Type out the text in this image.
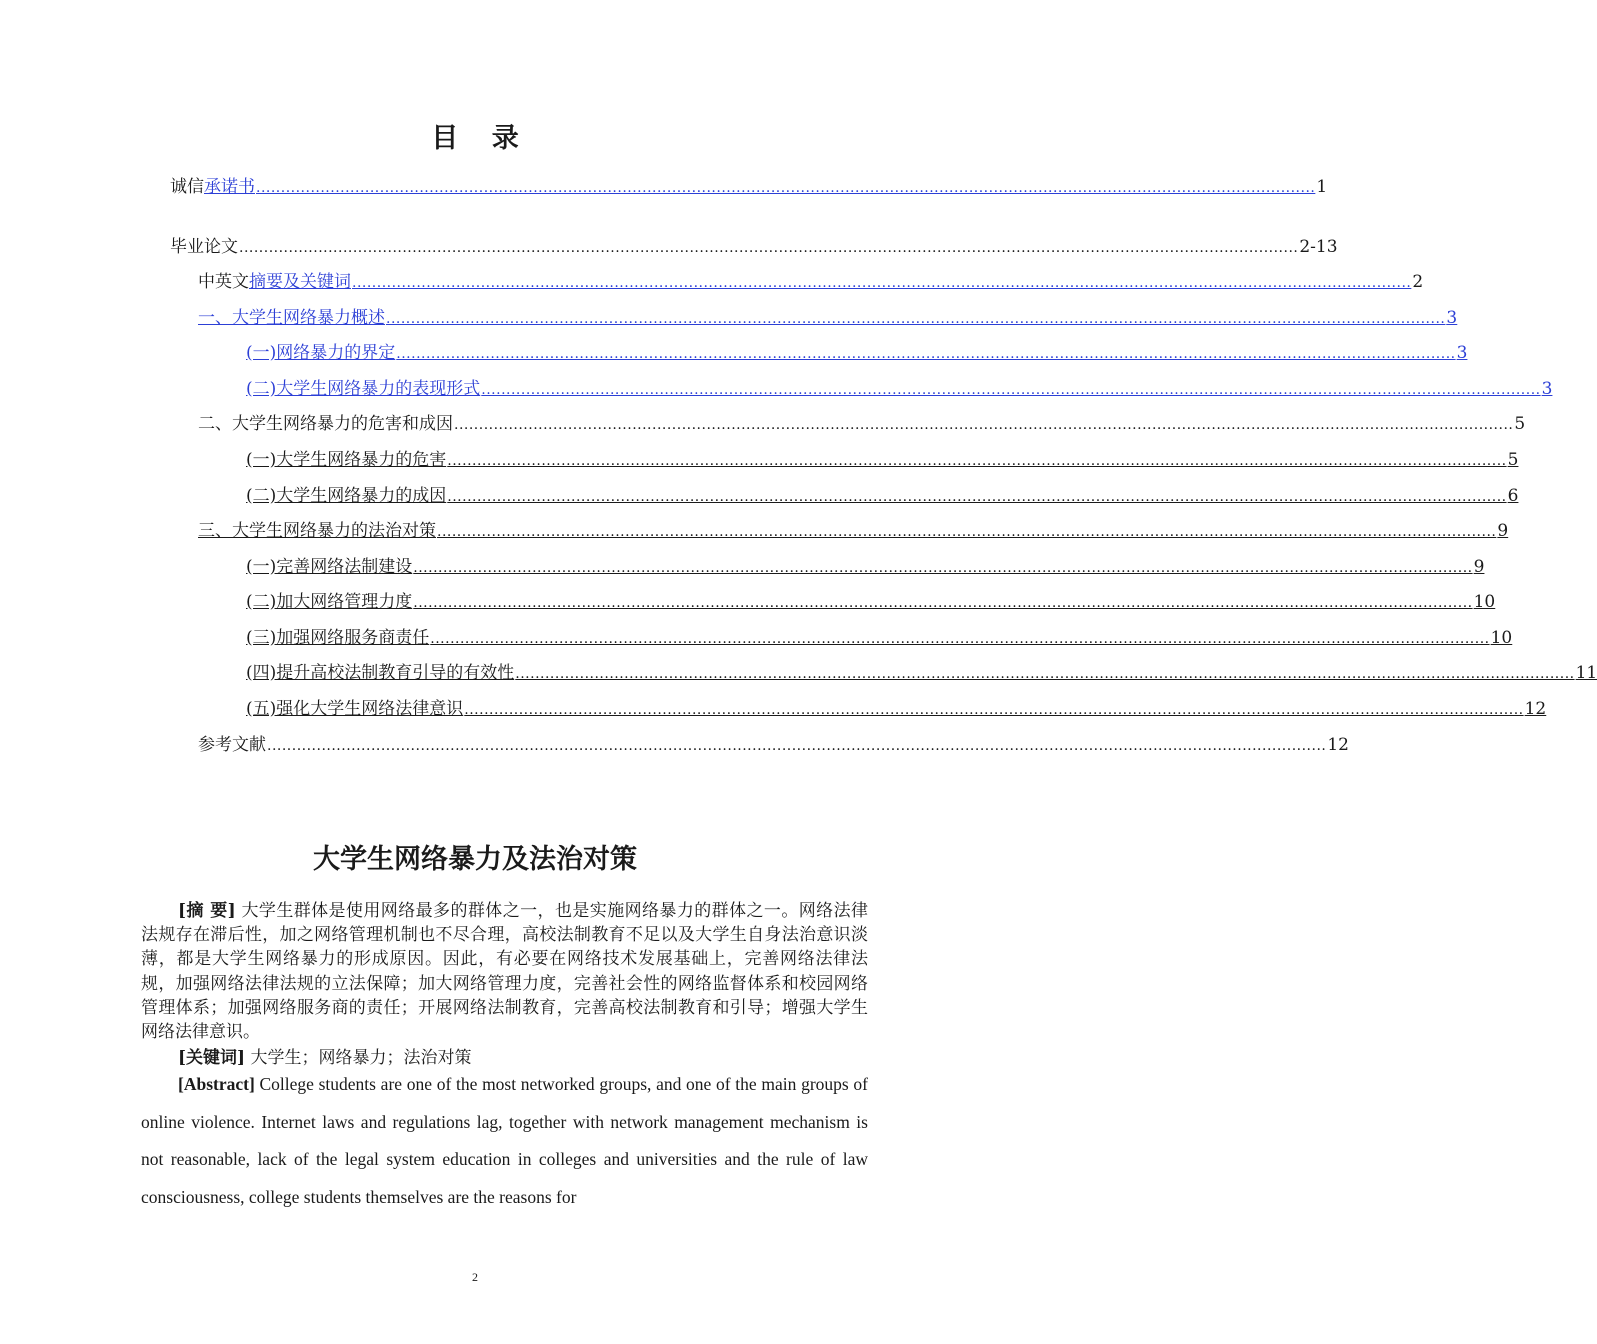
目 录
诚信 承诺书 ...................................................................................................................................................................................................................... 1
毕业论文 ...................................................................................................................................................................................................................... 2-13
中英文 摘要及关键词 ...................................................................................................................................................................................................................... 2
一、大学生网络暴力概述 ...................................................................................................................................................................................................................... 3
(一)网络暴力的界定 ...................................................................................................................................................................................................................... 3
(二)大学生网络暴力的表现形式 ...................................................................................................................................................................................................................... 3
二、大学生网络暴力的危害和成因 ...................................................................................................................................................................................................................... 5
(一)大学生网络暴力的危害 ...................................................................................................................................................................................................................... 5
(二)大学生网络暴力的成因 ...................................................................................................................................................................................................................... 6
三、大学生网络暴力的法治对策 ...................................................................................................................................................................................................................... 9
(一)完善网络法制建设 ...................................................................................................................................................................................................................... 9
(二)加大网络管理力度 ...................................................................................................................................................................................................................... 10
(三)加强网络服务商责任 ...................................................................................................................................................................................................................... 10
(四)提升高校法制教育引导的有效性 ...................................................................................................................................................................................................................... 11
(五)强化大学生网络法律意识 ...................................................................................................................................................................................................................... 12
参考文献 ...................................................................................................................................................................................................................... 12
大学生网络暴力及法治对策
[摘 要] 大学生群体是使用网络最多的群体之一，也是实施网络暴力的群体之一。网络法律法规存在滞后性，加之网络管理机制也不尽合理，高校法制教育不足以及大学生自身法治意识淡薄，都是大学生网络暴力的形成原因。因此，有必要在网络技术发展基础上，完善网络法律法规，加强网络法律法规的立法保障；加大网络管理力度，完善社会性的网络监督体系和校园网络管理体系；加强网络服务商的责任；开展网络法制教育，完善高校法制教育和引导；增强大学生网络法律意识。
[关键词] 大学生；网络暴力；法治对策
[Abstract] College students are one of the most networked groups, and one of the main groups of online violence. Internet laws and regulations lag, together with network management mechanism is not reasonable, lack of the legal system education in colleges and universities and the rule of law consciousness, college students themselves are the reasons for
2
